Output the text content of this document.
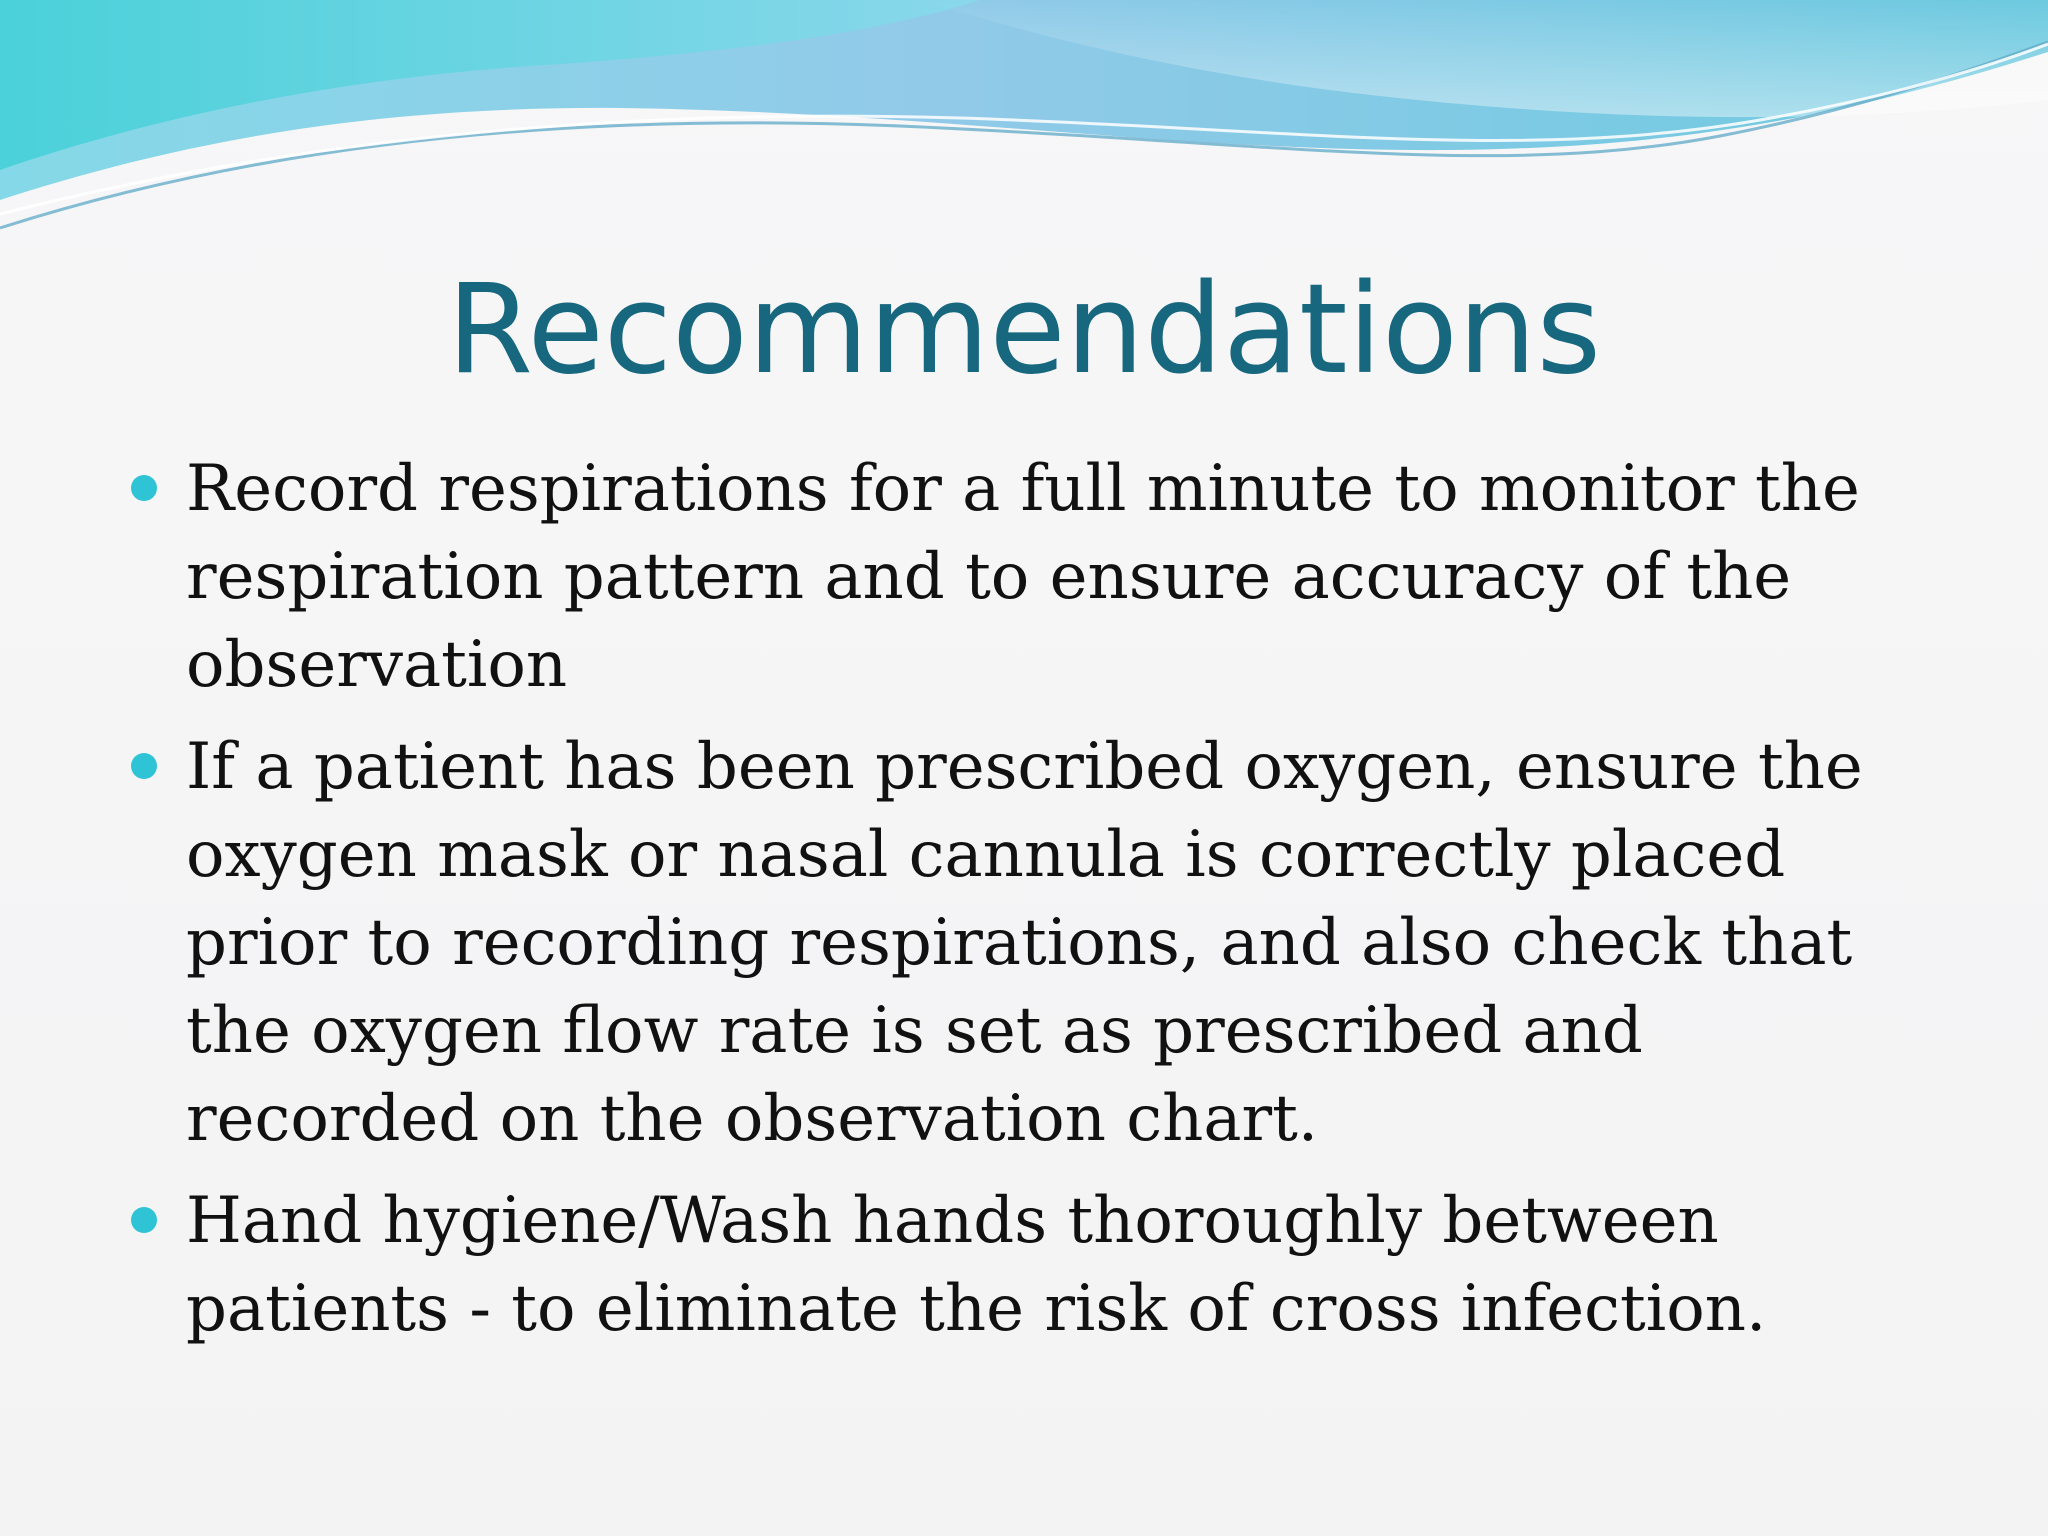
Recommendations
Record respirations for a full minute to monitor the respiration pattern and to ensure accuracy of the observation
If a patient has been prescribed oxygen, ensure the oxygen mask or nasal cannula is correctly placed prior to recording respirations, and also check that the oxygen flow rate is set as prescribed and recorded on the observation chart.
Hand hygiene/Wash hands thoroughly between patients - to eliminate the risk of cross infection.
